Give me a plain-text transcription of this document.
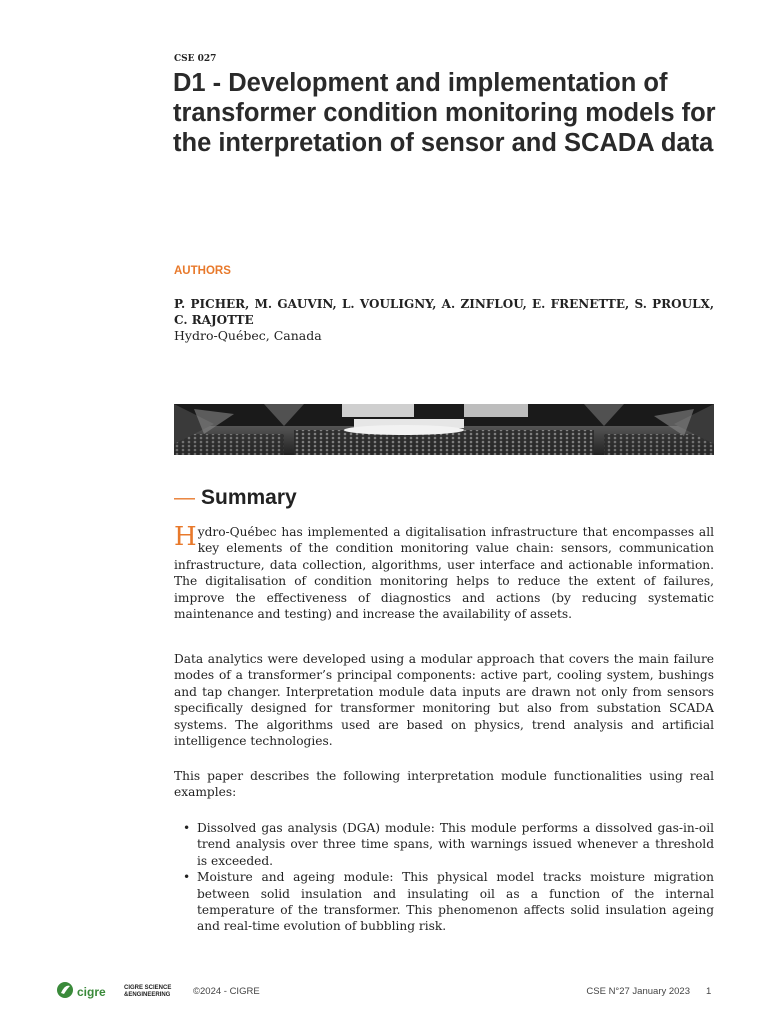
CSE 027
D1 - Development and implementation of transformer condition monitoring models for the interpretation of sensor and SCADA data
AUTHORS
P. PICHER, M. GAUVIN, L. VOULIGNY, A. ZINFLOU, E. FRENETTE, S. PROULX, C. RAJOTTE
Hydro-Québec, Canada
— Summary

Hydro-Québec has implemented a digitalisation infrastructure that encompasses all key elements of the condition monitoring value chain: sensors, communication infrastructure, data collection, algorithms, user interface and actionable information. The digitalisation of condition monitoring helps to reduce the extent of failures, improve the effectiveness of diagnostics and actions (by reducing systematic maintenance and testing) and increase the availability of assets.

Data analytics were developed using a modular approach that covers the main failure modes of a transformer’s principal components: active part, cooling system, bushings and tap changer. Interpretation module data inputs are drawn not only from sensors specifically designed for transformer monitoring but also from substation SCADA systems. The algorithms used are based on physics, trend analysis and artificial intelligence technologies.

This paper describes the following interpretation module functionalities using real examples:

• Dissolved gas analysis (DGA) module: This module performs a dissolved gas-in-oil trend analysis over three time spans, with warnings issued whenever a threshold is exceeded.
• Moisture and ageing module: This physical model tracks moisture migration between solid insulation and insulating oil as a function of the internal temperature of the transformer. This phenomenon affects solid insulation ageing and real-time evolution of bubbling risk.
cigre	CIGRE SCIENCE
&ENGINEERING ©2024 - CIGRE	CSE N°27 January 2023 1
